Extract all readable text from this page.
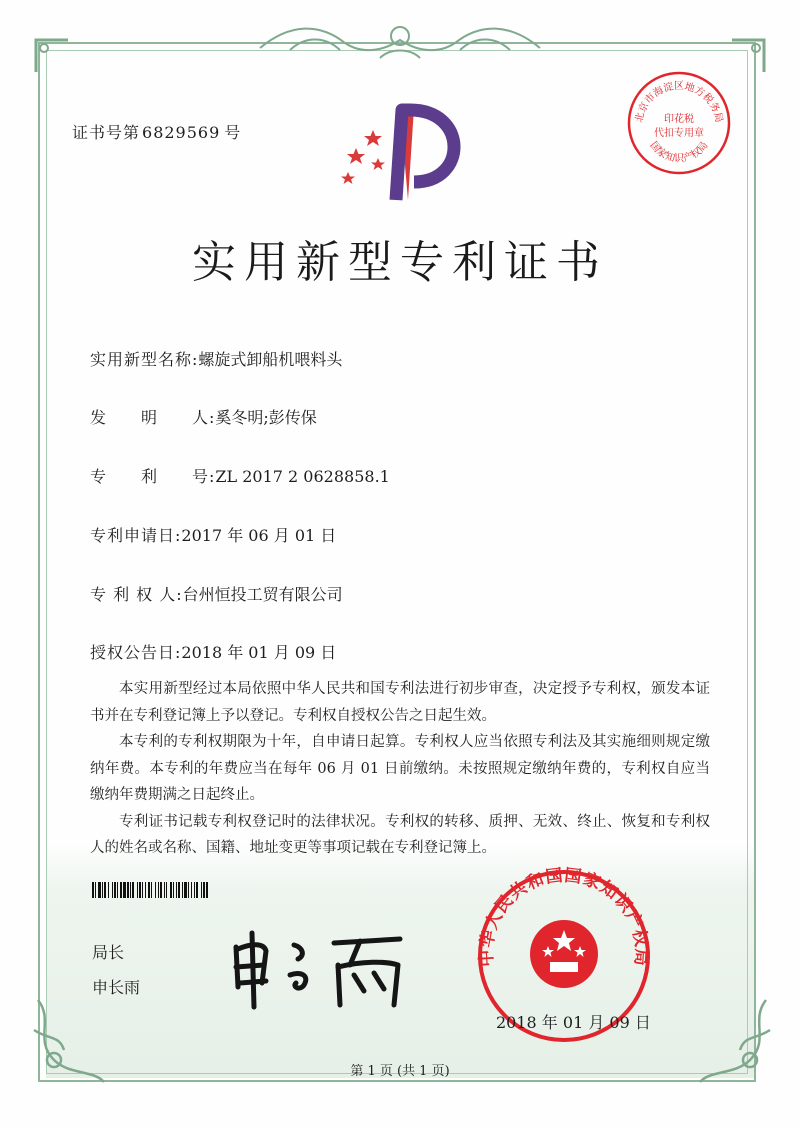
证书号第 6829569 号
北京市海淀区地方税务局
印花税
代扣专用章
国家知识产权局
实用新型专利证书
实用新型名称:螺旋式卸船机喂料头
发　　明　　人:奚冬明;彭传保
专　　利　　号:ZL 2017 2 0628858.1
专利申请日:2017 年 06 月 01 日
专 利 权 人:台州恒投工贸有限公司
授权公告日:2018 年 01 月 09 日

本实用新型经过本局依照中华人民共和国专利法进行初步审查，决定授予专利权，颁发本证书并在专利登记簿上予以登记。专利权自授权公告之日起生效。

本专利的专利权期限为十年，自申请日起算。专利权人应当依照专利法及其实施细则规定缴纳年费。本专利的年费应当在每年 06 月 01 日前缴纳。未按照规定缴纳年费的，专利权自应当缴纳年费期满之日起终止。

专利证书记载专利权登记时的法律状况。专利权的转移、质押、无效、终止、恢复和专利权人的姓名或名称、国籍、地址变更等事项记载在专利登记簿上。

局长
申长雨
中华人民共和国国家知识产权局
2018 年 01 月 09 日
第 1 页 (共 1 页)
